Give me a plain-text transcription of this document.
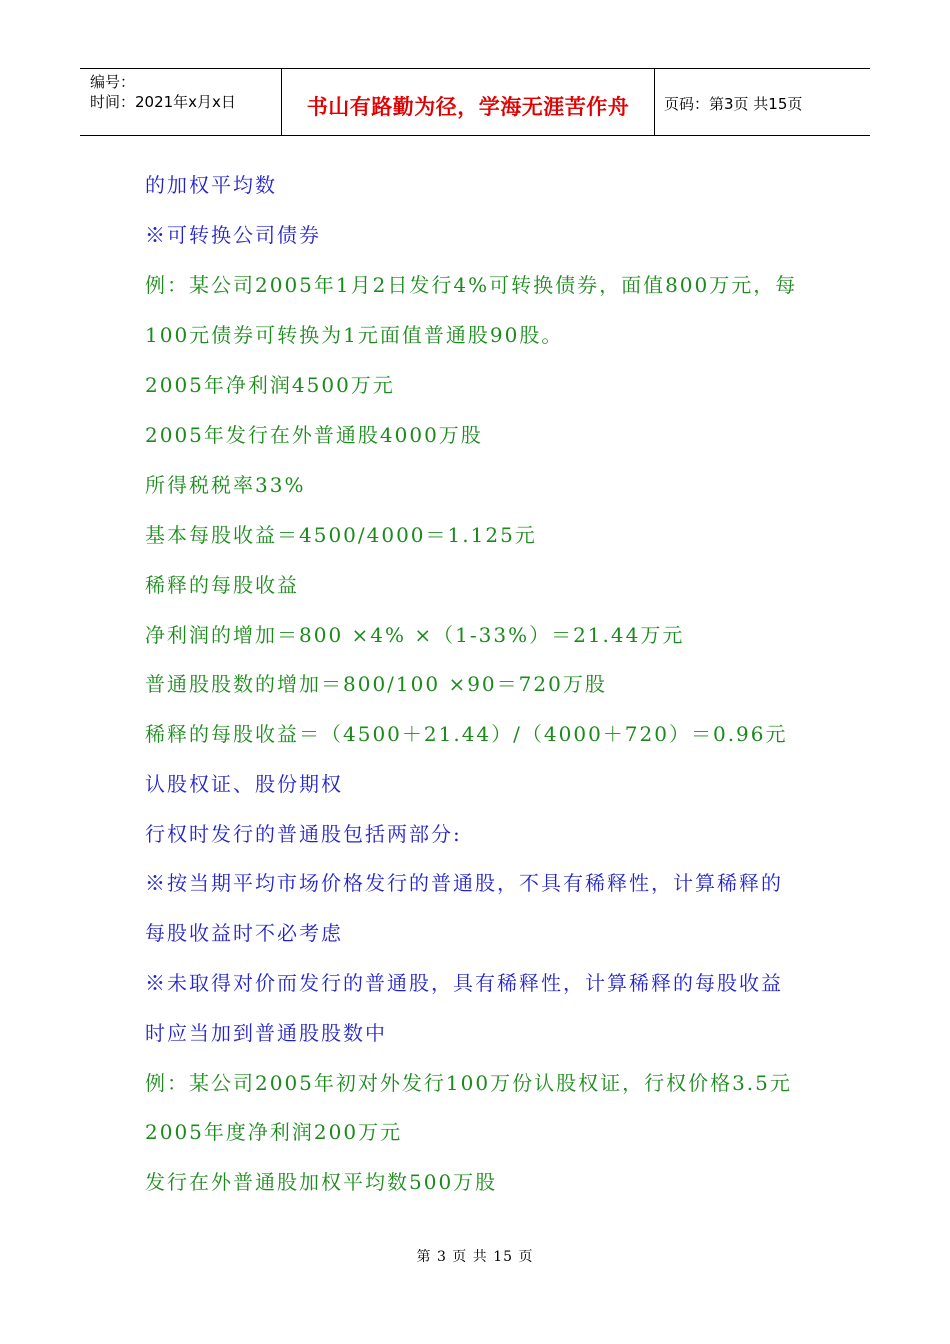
编号：
时间：2021年x月x日	书山有路勤为径，学海无涯苦作舟	页码：第3页 共15页
的加权平均数
※可转换公司债券
例：某公司2005年1月2日发行4%可转换债券，面值800万元，每
100元债券可转换为1元面值普通股90股。
2005年净利润4500万元
2005年发行在外普通股4000万股
所得税税率33%
基本每股收益＝4500/4000＝1.125元
稀释的每股收益
净利润的增加＝800 ×4% ×（1-33%）＝21.44万元
普通股股数的增加＝800/100 ×90＝720万股
稀释的每股收益＝（4500＋21.44）/（4000＋720）＝0.96元
认股权证、股份期权
行权时发行的普通股包括两部分:
※按当期平均市场价格发行的普通股，不具有稀释性，计算稀释的
每股收益时不必考虑
※未取得对价而发行的普通股，具有稀释性，计算稀释的每股收益
时应当加到普通股股数中
例：某公司2005年初对外发行100万份认股权证，行权价格3.5元
2005年度净利润200万元
发行在外普通股加权平均数500万股
第 3 页 共 15 页
